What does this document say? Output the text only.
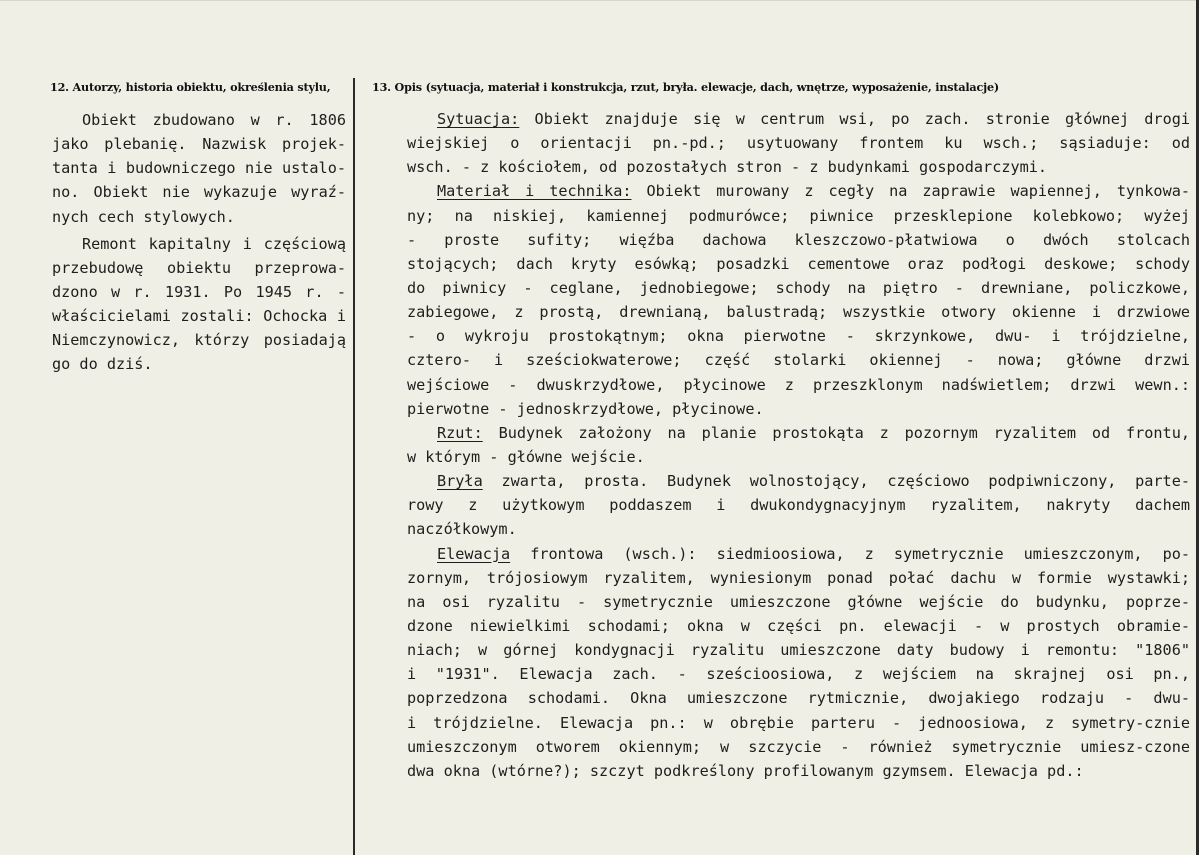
12. Autorzy, historia obiektu, określenia stylu,	13. Opis (sytuacja, materiał i konstrukcja, rzut, bryła. elewacje, dach, wnętrze, wyposażenie, instalacje)
Obiekt zbudowano w r. 1806
jako plebanię. Nazwisk projek-
tanta i budowniczego nie ustalo-
no. Obiekt nie wykazuje wyraź-
nych cech stylowych.
Remont kapitalny i częściową
przebudowę obiektu przeprowa-
dzono w r. 1931. Po 1945 r. -
właścicielami zostali: Ochocka i
Niemczynowicz, którzy posiadają
go do dziś.
Sytuacja: Obiekt znajduje się w centrum wsi, po zach. stronie głównej drogi
wiejskiej o orientacji pn.-pd.; usytuowany frontem ku wsch.; sąsiaduje: od
wsch. - z kościołem, od pozostałych stron - z budynkami gospodarczymi.
Materiał i technika: Obiekt murowany z cegły na zaprawie wapiennej, tynkowa-
ny; na niskiej, kamiennej podmurówce; piwnice przesklepione kolebkowo; wyżej
- proste sufity; więźba dachowa kleszczowo-płatwiowa o dwóch stolcach
stojących; dach kryty esówką; posadzki cementowe oraz podłogi deskowe; schody
do piwnicy - ceglane, jednobiegowe; schody na piętro - drewniane, policzkowe,
zabiegowe, z prostą, drewnianą, balustradą; wszystkie otwory okienne i drzwiowe
- o wykroju prostokątnym; okna pierwotne - skrzynkowe, dwu- i trójdzielne,
cztero- i sześciokwaterowe; część stolarki okiennej - nowa; główne drzwi
wejściowe - dwuskrzydłowe, płycinowe z przeszklonym nadświetlem; drzwi wewn.:
pierwotne - jednoskrzydłowe, płycinowe.
Rzut: Budynek założony na planie prostokąta z pozornym ryzalitem od frontu,
w którym - główne wejście.
Bryła zwarta, prosta. Budynek wolnostojący, częściowo podpiwniczony, parte-
rowy z użytkowym poddaszem i dwukondygnacyjnym ryzalitem, nakryty dachem
naczółkowym.
Elewacja frontowa (wsch.): siedmioosiowa, z symetrycznie umieszczonym, po-
zornym, trójosiowym ryzalitem, wyniesionym ponad połać dachu w formie wystawki;
na osi ryzalitu - symetrycznie umieszczone główne wejście do budynku, poprze-
dzone niewielkimi schodami; okna w części pn. elewacji - w prostych obramie-
niach; w górnej kondygnacji ryzalitu umieszczone daty budowy i remontu: "1806"
i "1931". Elewacja zach. - sześcioosiowa, z wejściem na skrajnej osi pn.,
poprzedzona schodami. Okna umieszczone rytmicznie, dwojakiego rodzaju - dwu-
i trójdzielne. Elewacja pn.: w obrębie parteru - jednoosiowa, z symetry-cznie
umieszczonym otworem okiennym; w szczycie - również symetrycznie umiesz-czone
dwa okna (wtórne?); szczyt podkreślony profilowanym gzymsem. Elewacja pd.:
